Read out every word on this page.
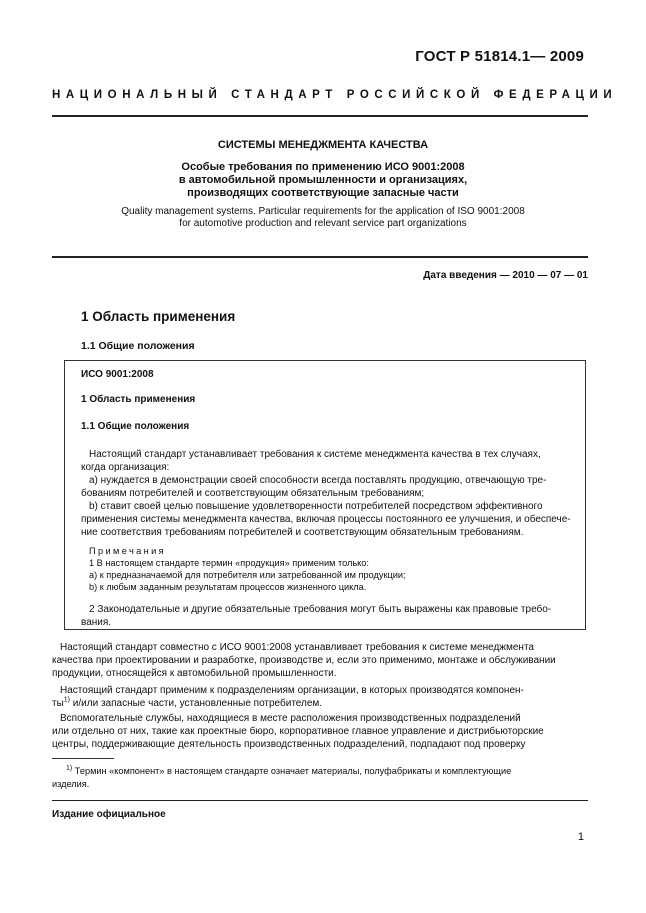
ГОСТ Р 51814.1— 2009
НАЦИОНАЛЬНЫЙ СТАНДАРТ РОССИЙСКОЙ ФЕДЕРАЦИИ
СИСТЕМЫ МЕНЕДЖМЕНТА КАЧЕСТВА
Особые требования по применению ИСО 9001:2008
в автомобильной промышленности и организациях,
производящих соответствующие запасные части
Quality management systems. Particular requirements for the application of ISO 9001:2008
for automotive production and relevant service part organizations
Дата введения — 2010 — 07 — 01
1 Область применения
1.1 Общие положения
ИСО 9001:2008
1 Область применения
1.1 Общие положения
Настоящий стандарт устанавливает требования к системе менеджмента качества в тех случаях,
когда организация:
а) нуждается в демонстрации своей способности всегда поставлять продукцию, отвечающую тре-
бованиям потребителей и соответствующим обязательным требованиям;
b) ставит своей целью повышение удовлетворенности потребителей посредством эффективного
применения системы менеджмента качества, включая процессы постоянного ее улучшения, и обеспече-
ние соответствия требованиям потребителей и соответствующим обязательным требованиям.
Примечания
1 В настоящем стандарте термин «продукция» применим только:
а) к предназначаемой для потребителя или затребованной им продукции;
b) к любым заданным результатам процессов жизненного цикла.
2 Законодательные и другие обязательные требования могут быть выражены как правовые требо-
вания.
Настоящий стандарт совместно с ИСО 9001:2008 устанавливает требования к системе менеджмента
качества при проектировании и разработке, производстве и, если это применимо, монтаже и обслуживании
продукции, относящейся к автомобильной промышленности.
Настоящий стандарт применим к подразделениям организации, в которых производятся компонен-
$ты^{1)}$ и/или запасные части, установленные потребителем.
Вспомогательные службы, находящиеся в месте расположения производственных подразделений
или отдельно от них, такие как проектные бюро, корпоративное главное управление и дистрибьюторские
центры, поддерживающие деятельность производственных подразделений, подпадают под проверку
$^{1)}$ Термин «компонент» в настоящем стандарте означает материалы, полуфабрикаты и комплектующие
изделия.
Издание официальное
1
